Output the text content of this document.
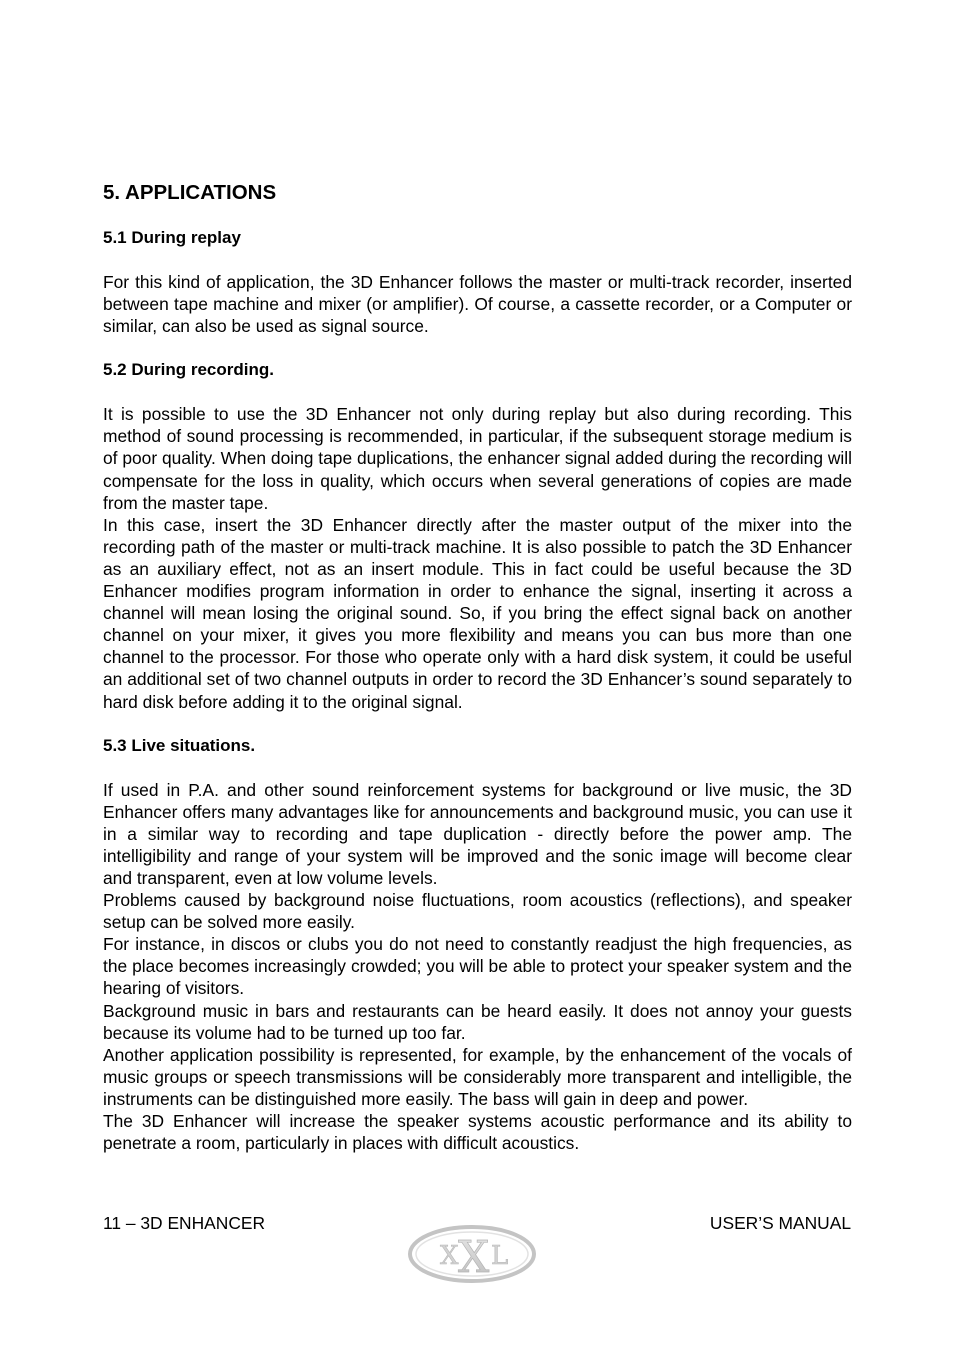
5. APPLICATIONS
5.1 During replay

For this kind of application, the 3D Enhancer follows the master or multi-track recorder, inserted between tape machine and mixer (or amplifier). Of course, a cassette recorder, or a Computer or similar, can also be used as signal source.

5.2 During recording.

It is possible to use the 3D Enhancer not only during replay but also during recording. This method of sound processing is recommended, in particular, if the subsequent storage medium is of poor quality. When doing tape duplications, the enhancer signal added during the recording will compensate for the loss in quality, which occurs when several generations of copies are made from the master tape.

In this case, insert the 3D Enhancer directly after the master output of the mixer into the recording path of the master or multi-track machine. It is also possible to patch the 3D Enhancer as an auxiliary effect, not as an insert module. This in fact could be useful because the 3D Enhancer modifies program information in order to enhance the signal, inserting it across a channel will mean losing the original sound. So, if you bring the effect signal back on another channel on your mixer, it gives you more flexibility and means you can bus more than one channel to the processor. For those who operate only with a hard disk system, it could be useful an additional set of two channel outputs in order to record the 3D Enhancer’s sound separately to hard disk before adding it to the original signal.

5.3 Live situations.

If used in P.A. and other sound reinforcement systems for background or live music, the 3D Enhancer offers many advantages like for announcements and background music, you can use it in a similar way to recording and tape duplication - directly before the power amp. The intelligibility and range of your system will be improved and the sonic image will become clear and transparent, even at low volume levels.

Problems caused by background noise fluctuations, room acoustics (reflections), and speaker setup can be solved more easily.

For instance, in discos or clubs you do not need to constantly readjust the high frequencies, as the place becomes increasingly crowded; you will be able to protect your speaker system and the hearing of visitors.

Background music in bars and restaurants can be heard easily. It does not annoy your guests because its volume had to be turned up too far.

Another application possibility is represented, for example, by the enhancement of the vocals of music groups or speech transmissions will be considerably more transparent and intelligible, the instruments can be distinguished more easily. The bass will gain in deep and power.

The 3D Enhancer will increase the speaker systems acoustic performance and its ability to penetrate a room, particularly in places with difficult acoustics.

11 – 3D ENHANCER	USER’S MANUAL
X X L
